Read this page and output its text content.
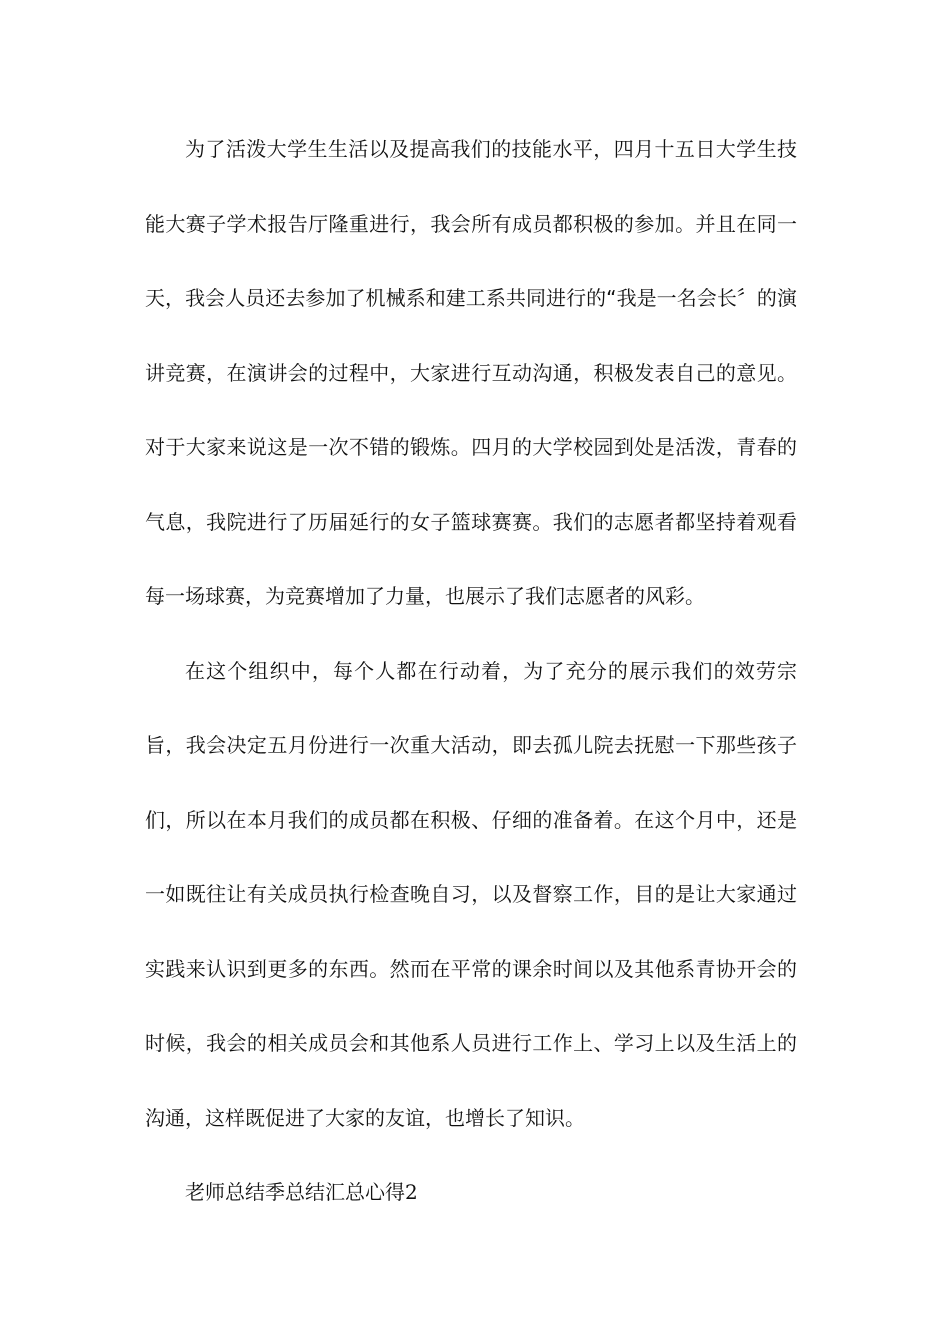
为了活泼大学生生活以及提高我们的技能水平，四月十五日大学生技能大赛子学术报告厅隆重进行，我会所有成员都积极的参加。并且在同一天，我会人员还去参加了机械系和建工系共同进行的“我是一名会长〞的演讲竞赛，在演讲会的过程中，大家进行互动沟通，积极发表自己的意见。对于大家来说这是一次不错的锻炼。四月的大学校园到处是活泼，青春的气息，我院进行了历届延行的女子篮球赛赛。我们的志愿者都坚持着观看每一场球赛，为竞赛增加了力量，也展示了我们志愿者的风彩。

在这个组织中，每个人都在行动着，为了充分的展示我们的效劳宗旨，我会决定五月份进行一次重大活动，即去孤儿院去抚慰一下那些孩子们，所以在本月我们的成员都在积极、仔细的准备着。在这个月中，还是一如既往让有关成员执行检查晚自习，以及督察工作，目的是让大家通过实践来认识到更多的东西。然而在平常的课余时间以及其他系青协开会的时候，我会的相关成员会和其他系人员进行工作上、学习上以及生活上的沟通，这样既促进了大家的友谊，也增长了知识。

老师总结季总结汇总心得2
